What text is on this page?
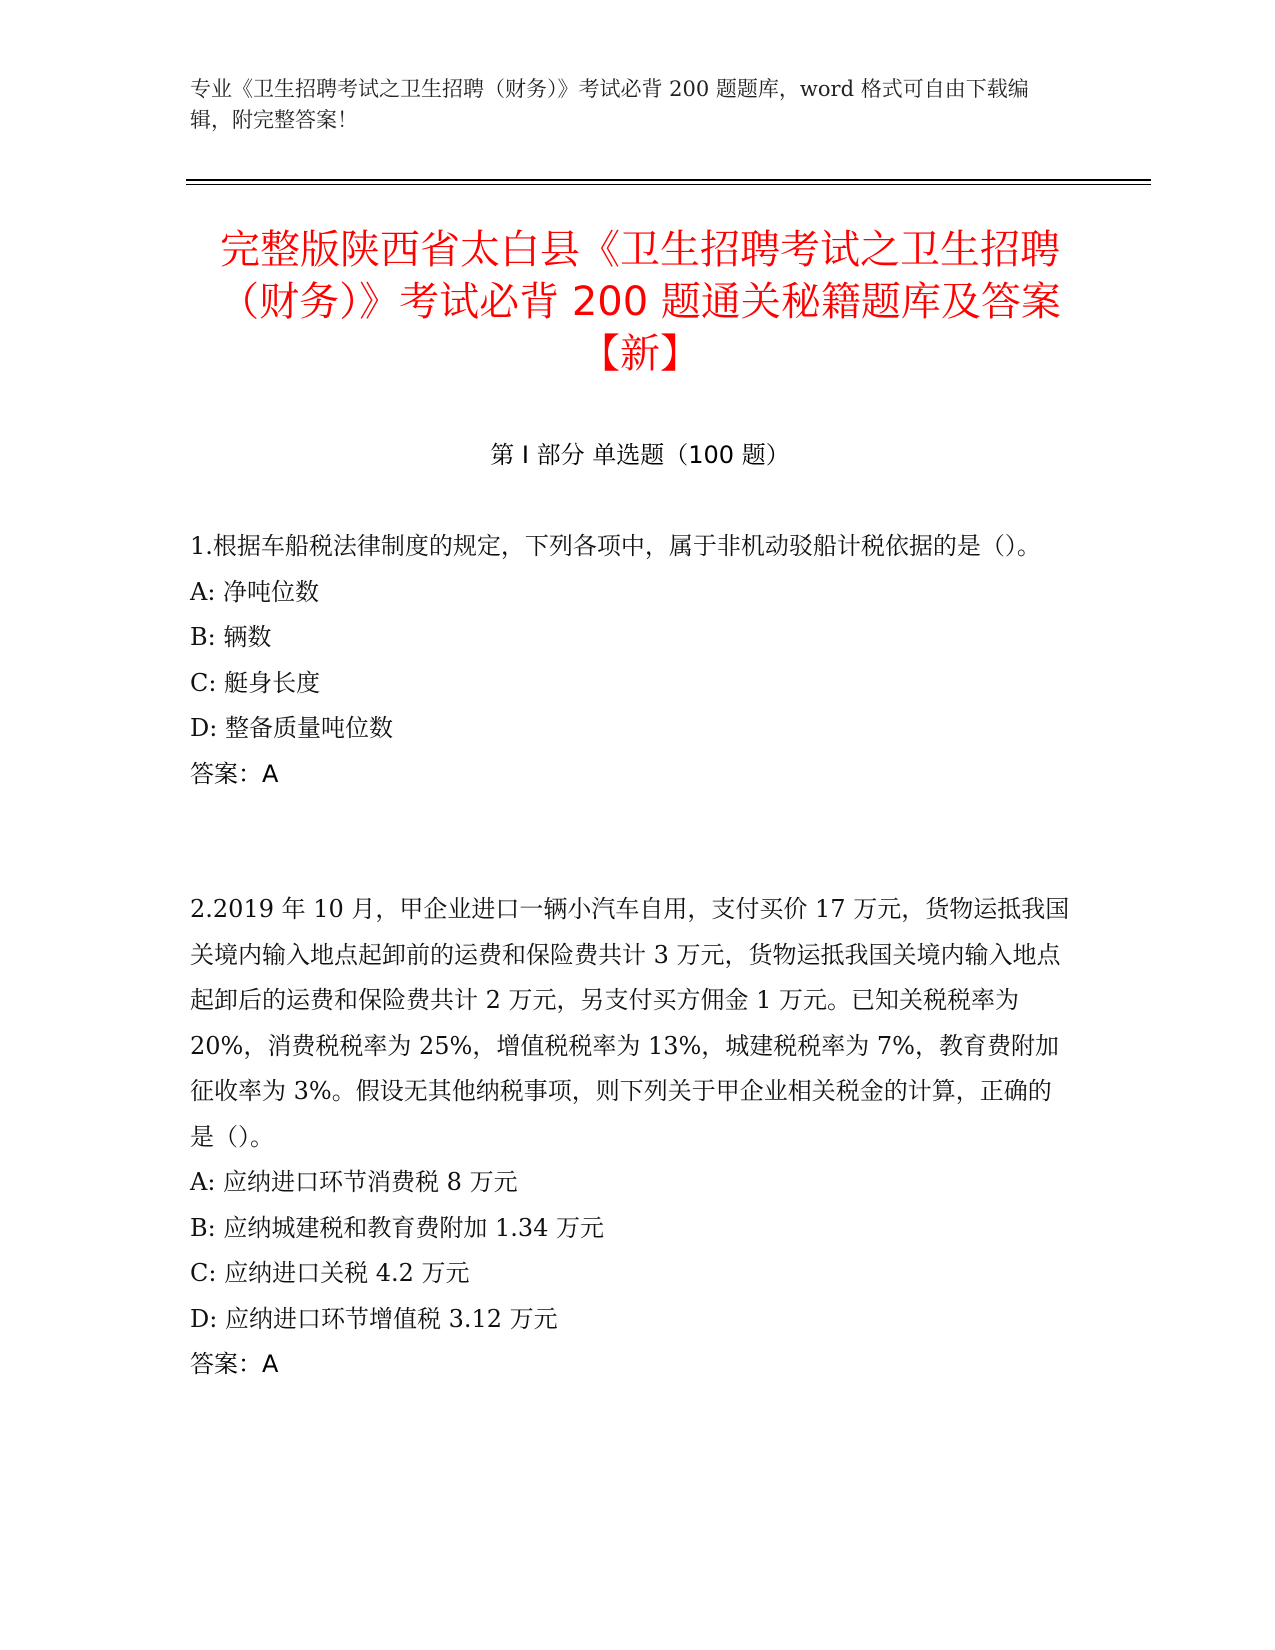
专业《卫生招聘考试之卫生招聘（财务）》考试必背 200 题题库，word 格式可自由下载编辑，附完整答案！
完整版陕西省太白县《卫生招聘考试之卫生招聘（财务）》考试必背 200 题通关秘籍题库及答案【新】
第 I 部分 单选题（100 题）
1.根据车船税法律制度的规定，下列各项中，属于非机动驳船计税依据的是（）。
A: 净吨位数
B: 辆数
C: 艇身长度
D: 整备质量吨位数
答案：A
2.2019 年 10 月，甲企业进口一辆小汽车自用，支付买价 17 万元，货物运抵我国关境内输入地点起卸前的运费和保险费共计 3 万元，货物运抵我国关境内输入地点起卸后的运费和保险费共计 2 万元，另支付买方佣金 1 万元。已知关税税率为 20%，消费税税率为 25%，增值税税率为 13%，城建税税率为 7%，教育费附加征收率为 3%。假设无其他纳税事项，则下列关于甲企业相关税金的计算，正确的是（）。
A: 应纳进口环节消费税 8 万元
B: 应纳城建税和教育费附加 1.34 万元
C: 应纳进口关税 4.2 万元
D: 应纳进口环节增值税 3.12 万元
答案：A
